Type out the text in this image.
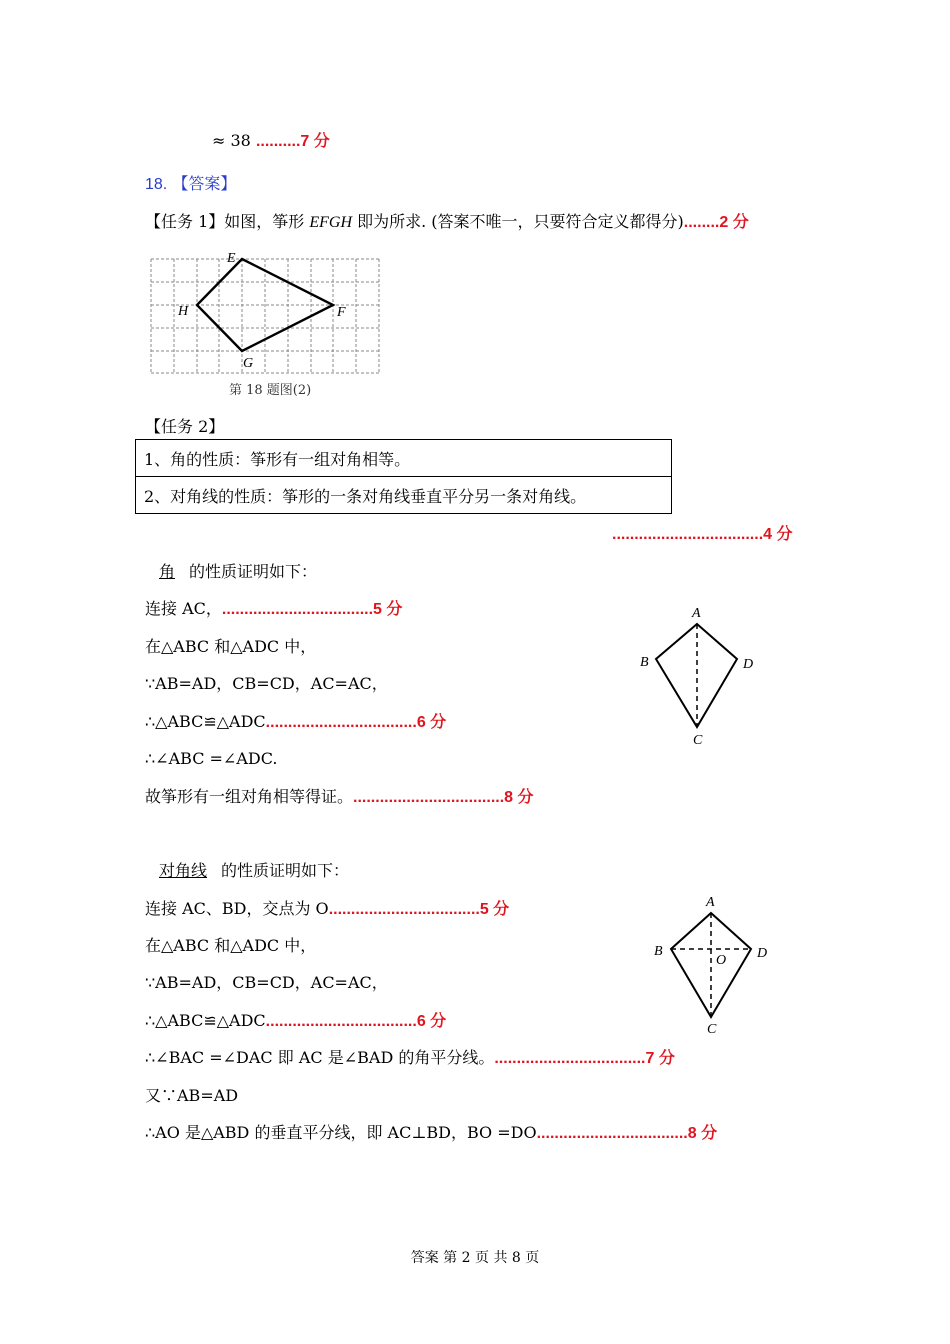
≈ 38 ..........7 分
18. 【答案】
【任务 1】如图，筝形 EFGH 即为所求. (答案不唯一，只要符合定义都得分)........2 分
E
F
G
H
第 18 题图(2)
【任务 2】
1、角的性质：筝形有一组对角相等。
2、对角线的性质：筝形的一条对角线垂直平分另一条对角线。
..................................4 分
角 的性质证明如下：
连接 AC，..................................5 分
在△ABC 和△ADC 中，
∵AB=AD，CB=CD，AC=AC，
∴△ABC≌△ADC..................................6 分
∴∠ABC =∠ADC.
故筝形有一组对角相等得证。..................................8 分
A
B
C
D
对角线 的性质证明如下：
连接 AC、BD，交点为 O..................................5 分
在△ABC 和△ADC 中，
∵AB=AD，CB=CD，AC=AC，
∴△ABC≌△ADC..................................6 分
∴∠BAC =∠DAC 即 AC 是∠BAD 的角平分线。..................................7 分
又∵AB=AD
∴AO 是△ABD 的垂直平分线，即 AC⊥BD，BO =DO..................................8 分
A
B
C
D
O
答案 第 2 页 共 8 页
